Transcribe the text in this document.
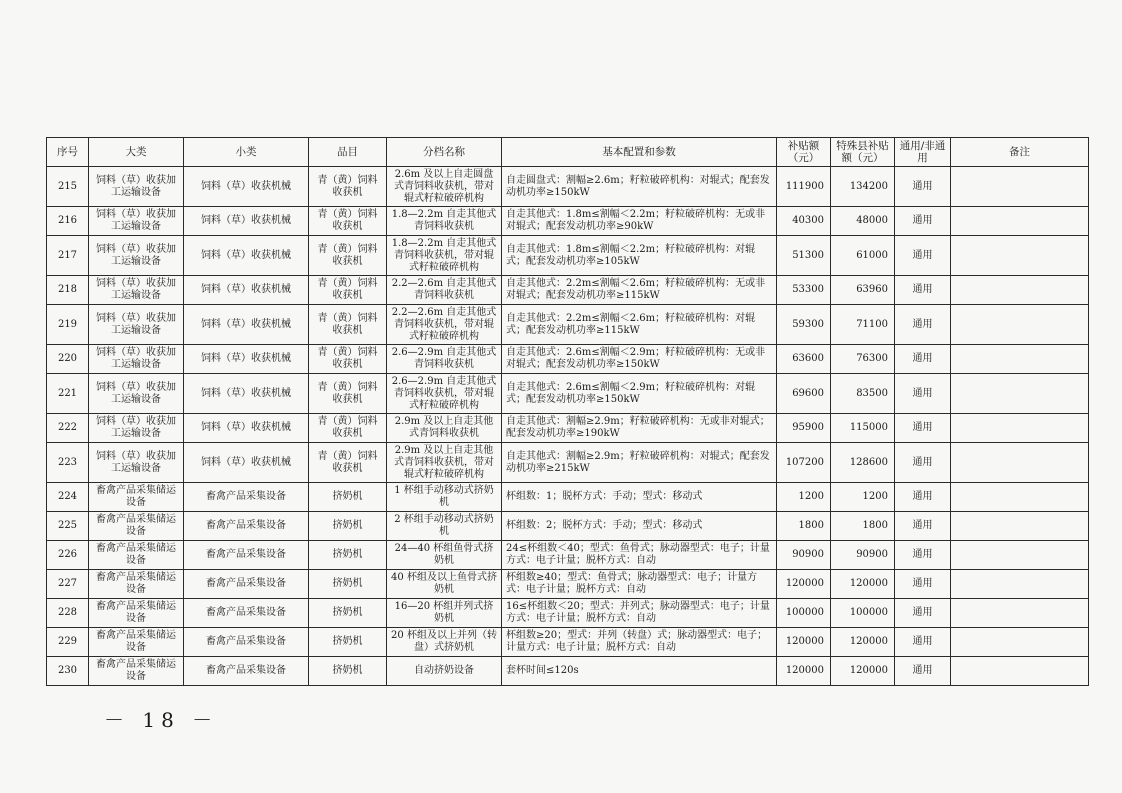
序号	大类	小类	品目	分档名称	基本配置和参数	补贴额（元）	特殊县补贴额（元）	通用/非通用	备注
215	饲料（草）收获加工运输设备	饲料（草）收获机械	青（黄）饲料收获机	2.6m 及以上自走圆盘式青饲料收获机，带对辊式籽粒破碎机构	自走圆盘式：割幅≥2.6m；籽粒破碎机构：对辊式；配套发动机功率≥150kW	111900	134200	通用	
216	饲料（草）收获加工运输设备	饲料（草）收获机械	青（黄）饲料收获机	1.8—2.2m 自走其他式青饲料收获机	自走其他式：1.8m≤割幅＜2.2m；籽粒破碎机构：无或非对辊式；配套发动机功率≥90kW	40300	48000	通用	
217	饲料（草）收获加工运输设备	饲料（草）收获机械	青（黄）饲料收获机	1.8—2.2m 自走其他式青饲料收获机，带对辊式籽粒破碎机构	自走其他式：1.8m≤割幅＜2.2m；籽粒破碎机构：对辊式；配套发动机功率≥105kW	51300	61000	通用	
218	饲料（草）收获加工运输设备	饲料（草）收获机械	青（黄）饲料收获机	2.2—2.6m 自走其他式青饲料收获机	自走其他式：2.2m≤割幅＜2.6m；籽粒破碎机构：无或非对辊式；配套发动机功率≥115kW	53300	63960	通用	
219	饲料（草）收获加工运输设备	饲料（草）收获机械	青（黄）饲料收获机	2.2—2.6m 自走其他式青饲料收获机，带对辊式籽粒破碎机构	自走其他式：2.2m≤割幅＜2.6m；籽粒破碎机构：对辊式；配套发动机功率≥115kW	59300	71100	通用	
220	饲料（草）收获加工运输设备	饲料（草）收获机械	青（黄）饲料收获机	2.6—2.9m 自走其他式青饲料收获机	自走其他式：2.6m≤割幅＜2.9m；籽粒破碎机构：无或非对辊式；配套发动机功率≥150kW	63600	76300	通用	
221	饲料（草）收获加工运输设备	饲料（草）收获机械	青（黄）饲料收获机	2.6—2.9m 自走其他式青饲料收获机，带对辊式籽粒破碎机构	自走其他式：2.6m≤割幅＜2.9m；籽粒破碎机构：对辊式；配套发动机功率≥150kW	69600	83500	通用	
222	饲料（草）收获加工运输设备	饲料（草）收获机械	青（黄）饲料收获机	2.9m 及以上自走其他式青饲料收获机	自走其他式：割幅≥2.9m；籽粒破碎机构：无或非对辊式；配套发动机功率≥190kW	95900	115000	通用	
223	饲料（草）收获加工运输设备	饲料（草）收获机械	青（黄）饲料收获机	2.9m 及以上自走其他式青饲料收获机，带对辊式籽粒破碎机构	自走其他式：割幅≥2.9m；籽粒破碎机构：对辊式；配套发动机功率≥215kW	107200	128600	通用	
224	畜禽产品采集储运设备	畜禽产品采集设备	挤奶机	1 杯组手动移动式挤奶机	杯组数：1；脱杯方式：手动；型式：移动式	1200	1200	通用	
225	畜禽产品采集储运设备	畜禽产品采集设备	挤奶机	2 杯组手动移动式挤奶机	杯组数：2；脱杯方式：手动；型式：移动式	1800	1800	通用	
226	畜禽产品采集储运设备	畜禽产品采集设备	挤奶机	24—40 杯组鱼骨式挤奶机	24≤杯组数＜40；型式：鱼骨式；脉动器型式：电子；计量方式：电子计量；脱杯方式：自动	90900	90900	通用	
227	畜禽产品采集储运设备	畜禽产品采集设备	挤奶机	40 杯组及以上鱼骨式挤奶机	杯组数≥40；型式：鱼骨式；脉动器型式：电子；计量方式：电子计量；脱杯方式：自动	120000	120000	通用	
228	畜禽产品采集储运设备	畜禽产品采集设备	挤奶机	16—20 杯组并列式挤奶机	16≤杯组数＜20；型式：并列式；脉动器型式：电子；计量方式：电子计量；脱杯方式：自动	100000	100000	通用	
229	畜禽产品采集储运设备	畜禽产品采集设备	挤奶机	20 杯组及以上并列（转盘）式挤奶机	杯组数≥20；型式：并列（转盘）式；脉动器型式：电子；计量方式：电子计量；脱杯方式：自动	120000	120000	通用	
230	畜禽产品采集储运设备	畜禽产品采集设备	挤奶机	自动挤奶设备	套杯时间≤120s	120000	120000	通用	
－ 18 －
